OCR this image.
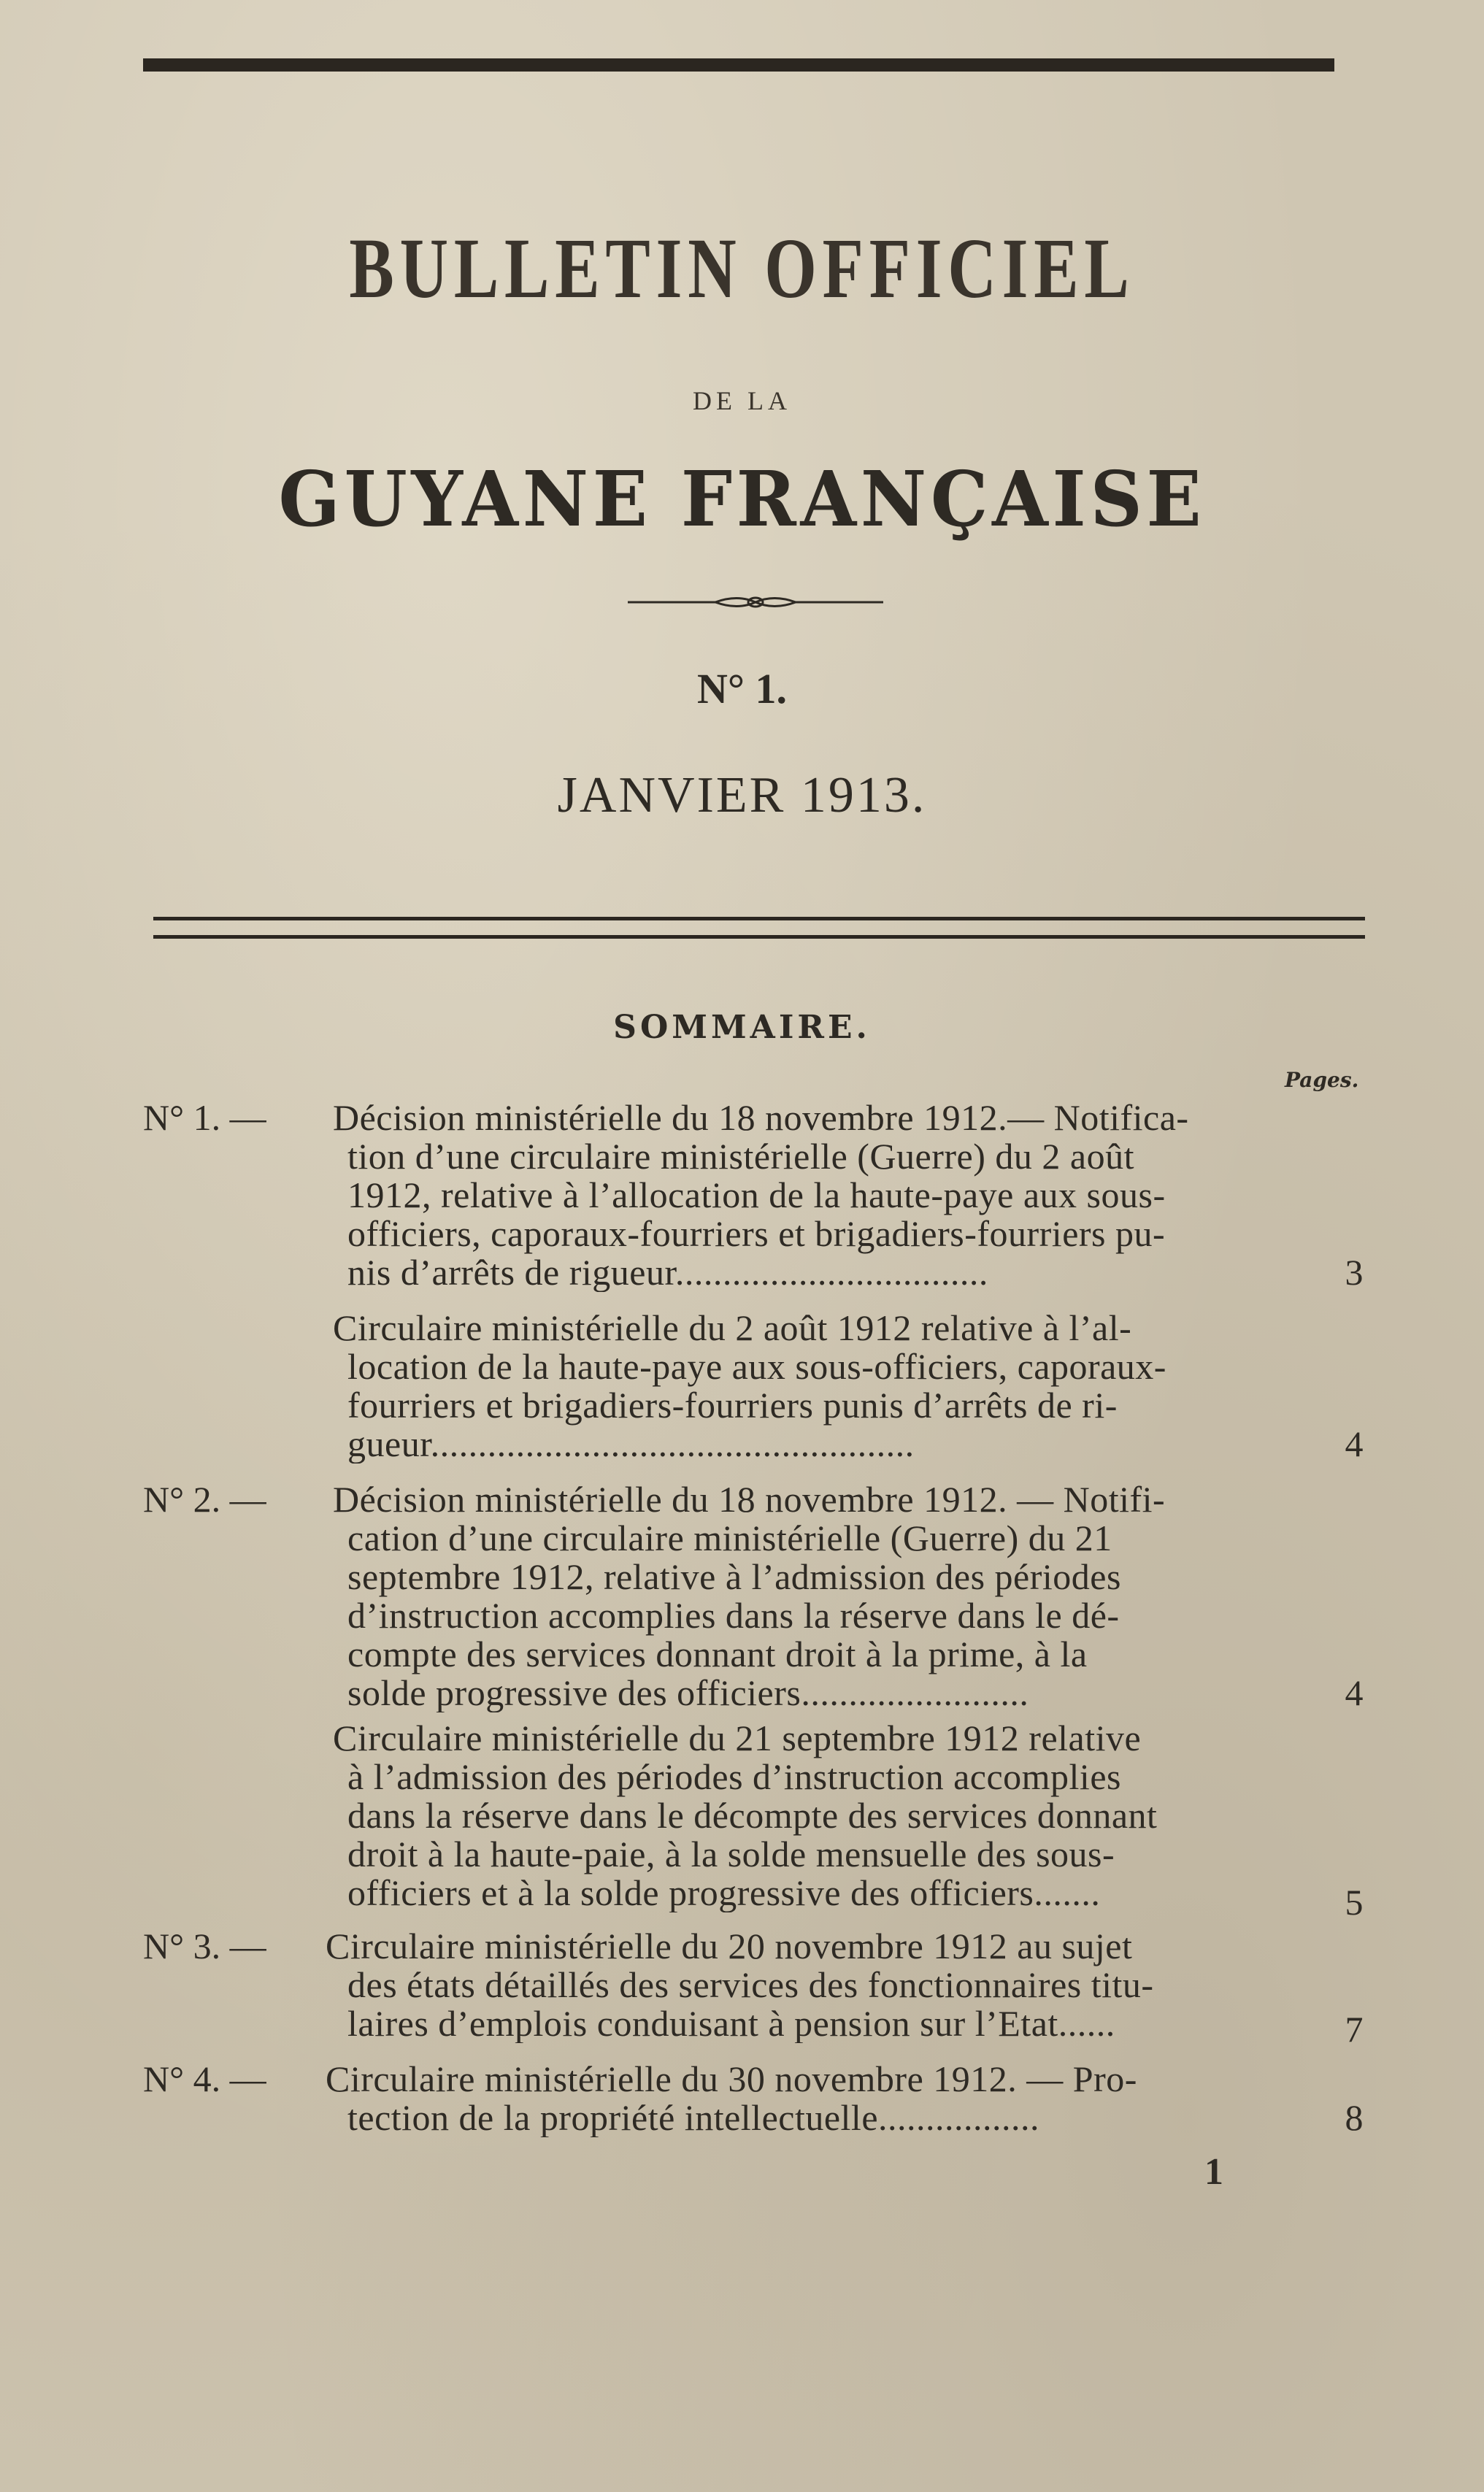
BULLETIN OFFICIEL
DE LA
GUYANE FRANÇAISE
N° 1.
JANVIER 1913.
SOMMAIRE.
Pages.
N° 1. — Décision ministérielle du 18 novembre 1912.— Notifica-
tion d’une circulaire ministérielle (Guerre) du 2 août
1912, relative à l’allocation de la haute-paye aux sous-
officiers, caporaux-fourriers et brigadiers-fourriers pu-
nis d’arrêts de rigueur.................................	3
Circulaire ministérielle du 2 août 1912 relative à l’al-
location de la haute-paye aux sous-officiers, caporaux-
fourriers et brigadiers-fourriers punis d’arrêts de ri-
gueur...................................................	4
N° 2. — Décision ministérielle du 18 novembre 1912. — Notifi-
cation d’une circulaire ministérielle (Guerre) du 21
septembre 1912, relative à l’admission des périodes
d’instruction accomplies dans la réserve dans le dé-
compte des services donnant droit à la prime, à la
solde progressive des officiers........................	4
Circulaire ministérielle du 21 septembre 1912 relative
à l’admission des périodes d’instruction accomplies
dans la réserve dans le décompte des services donnant
droit à la haute-paie, à la solde mensuelle des sous-
officiers et à la solde progressive des officiers.......	5
N° 3. — Circulaire ministérielle du 20 novembre 1912 au sujet
des états détaillés des services des fonctionnaires titu-
laires d’emplois conduisant à pension sur l’Etat......	7
N° 4. — Circulaire ministérielle du 30 novembre 1912. — Pro-
tection de la propriété intellectuelle.................	8
1
